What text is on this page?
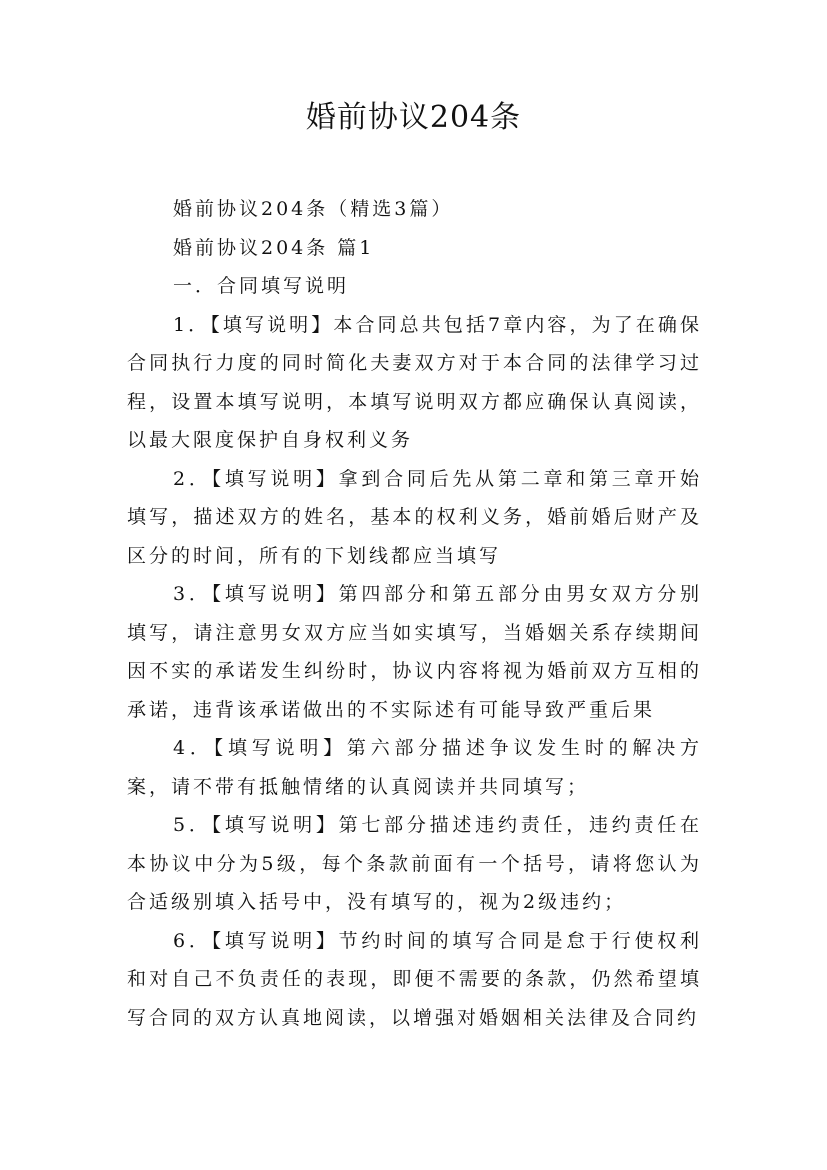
婚前协议204条

婚前协议204条（精选3篇）

婚前协议204条 篇1

一．合同填写说明

1．【填写说明】本合同总共包括7章内容，为了在确保合同执行力度的同时简化夫妻双方对于本合同的法律学习过程，设置本填写说明，本填写说明双方都应确保认真阅读，以最大限度保护自身权利义务

2．【填写说明】拿到合同后先从第二章和第三章开始填写，描述双方的姓名，基本的权利义务，婚前婚后财产及区分的时间，所有的下划线都应当填写

3．【填写说明】第四部分和第五部分由男女双方分别填写，请注意男女双方应当如实填写，当婚姻关系存续期间因不实的承诺发生纠纷时，协议内容将视为婚前双方互相的承诺，违背该承诺做出的不实际述有可能导致严重后果

4．【填写说明】第六部分描述争议发生时的解决方案，请不带有抵触情绪的认真阅读并共同填写；

5．【填写说明】第七部分描述违约责任，违约责任在本协议中分为5级，每个条款前面有一个括号，请将您认为合适级别填入括号中，没有填写的，视为2级违约；

6．【填写说明】节约时间的填写合同是怠于行使权利和对自己不负责任的表现，即便不需要的条款，仍然希望填写合同的双方认真地阅读，以增强对婚姻相关法律及合同约
